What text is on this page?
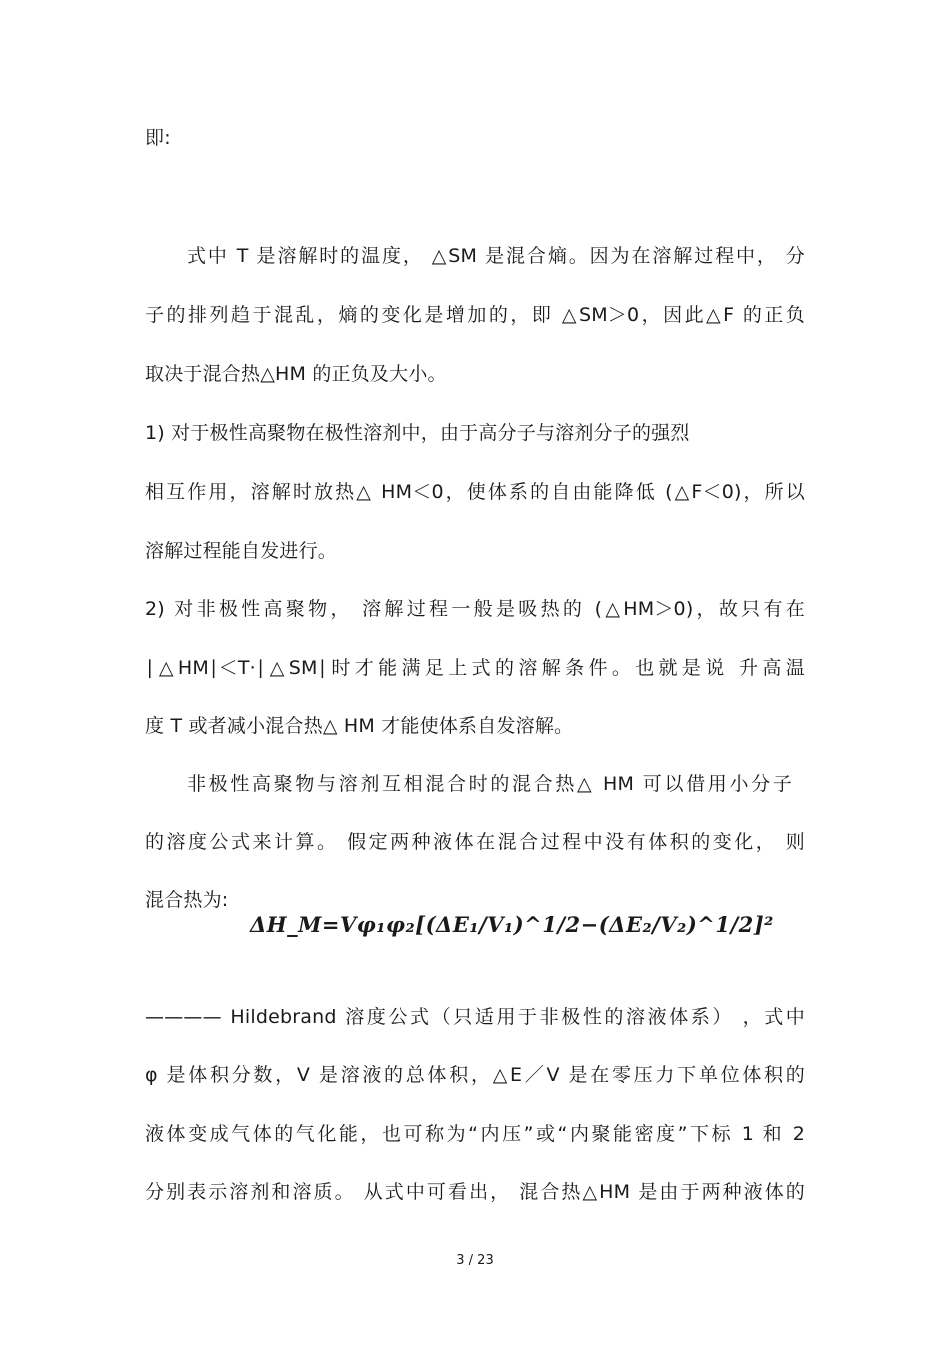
即:
式中 T 是溶解时的温度， △SM 是混合熵。因为在溶解过程中， 分
子的排列趋于混乱，熵的变化是增加的，即 △SM＞0，因此△F 的正负
取决于混合热△HM 的正负及大小。
1) 对于极性高聚物在极性溶剂中，由于高分子与溶剂分子的强烈
相互作用，溶解时放热△ HM＜0，使体系的自由能降低 (△F＜0)，所以
溶解过程能自发进行。
2) 对非极性高聚物， 溶解过程一般是吸热的 (△HM＞0)，故只有在
∣△HM∣＜T·∣△SM∣时才能满足上式的溶解条件。也就是说 升高温
度 T 或者减小混合热△ HM 才能使体系自发溶解。
非极性高聚物与溶剂互相混合时的混合热△ HM 可以借用小分子
的溶度公式来计算。 假定两种液体在混合过程中没有体积的变化， 则
混合热为:
ΔH_M=Vφ₁φ₂[(ΔE₁/V₁)^1/2−(ΔE₂/V₂)^1/2]²
———— Hildebrand 溶度公式（只适用于非极性的溶液体系） ，式中
φ 是体积分数，V 是溶液的总体积，△E／V 是在零压力下单位体积的
液体变成气体的气化能，也可称为“内压”或“内聚能密度”下标 1 和 2
分别表示溶剂和溶质。 从式中可看出， 混合热△HM 是由于两种液体的
3 / 23
